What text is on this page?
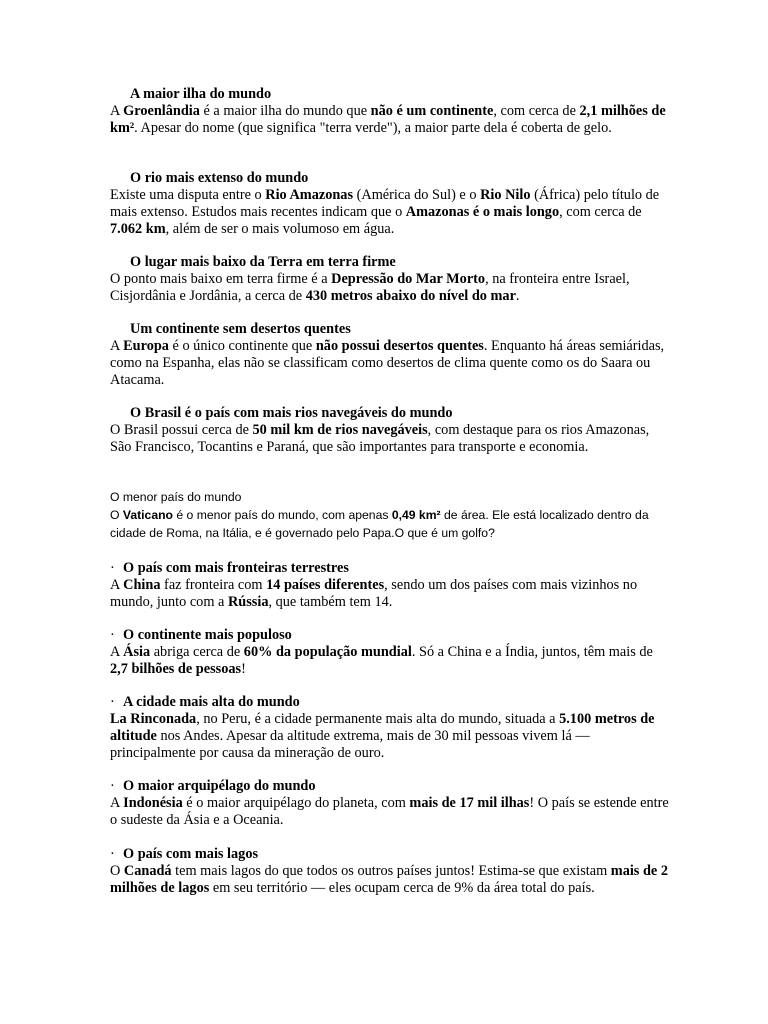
A maior ilha do mundo

A Groenlândia é a maior ilha do mundo que não é um continente, com cerca de 2,1 milhões de km². Apesar do nome (que significa "terra verde"), a maior parte dela é coberta de gelo.

O rio mais extenso do mundo

Existe uma disputa entre o Rio Amazonas (América do Sul) e o Rio Nilo (África) pelo título de mais extenso. Estudos mais recentes indicam que o Amazonas é o mais longo, com cerca de 7.062 km, além de ser o mais volumoso em água.

O lugar mais baixo da Terra em terra firme

O ponto mais baixo em terra firme é a Depressão do Mar Morto, na fronteira entre Israel, Cisjordânia e Jordânia, a cerca de 430 metros abaixo do nível do mar.

Um continente sem desertos quentes

A Europa é o único continente que não possui desertos quentes. Enquanto há áreas semiáridas, como na Espanha, elas não se classificam como desertos de clima quente como os do Saara ou Atacama.

O Brasil é o país com mais rios navegáveis do mundo

O Brasil possui cerca de 50 mil km de rios navegáveis, com destaque para os rios Amazonas, São Francisco, Tocantins e Paraná, que são importantes para transporte e economia.

O menor país do mundo

O Vaticano é o menor país do mundo, com apenas 0,49 km² de área. Ele está localizado dentro da cidade de Roma, na Itália, e é governado pelo Papa.O que é um golfo?

· O país com mais fronteiras terrestres

A China faz fronteira com 14 países diferentes, sendo um dos países com mais vizinhos no mundo, junto com a Rússia, que também tem 14.

· O continente mais populoso

A Ásia abriga cerca de 60% da população mundial. Só a China e a Índia, juntos, têm mais de 2,7 bilhões de pessoas!

· A cidade mais alta do mundo

La Rinconada, no Peru, é a cidade permanente mais alta do mundo, situada a 5.100 metros de altitude nos Andes. Apesar da altitude extrema, mais de 30 mil pessoas vivem lá — principalmente por causa da mineração de ouro.

· O maior arquipélago do mundo

A Indonésia é o maior arquipélago do planeta, com mais de 17 mil ilhas! O país se estende entre o sudeste da Ásia e a Oceania.

· O país com mais lagos

O Canadá tem mais lagos do que todos os outros países juntos! Estima-se que existam mais de 2 milhões de lagos em seu território — eles ocupam cerca de 9% da área total do país.
